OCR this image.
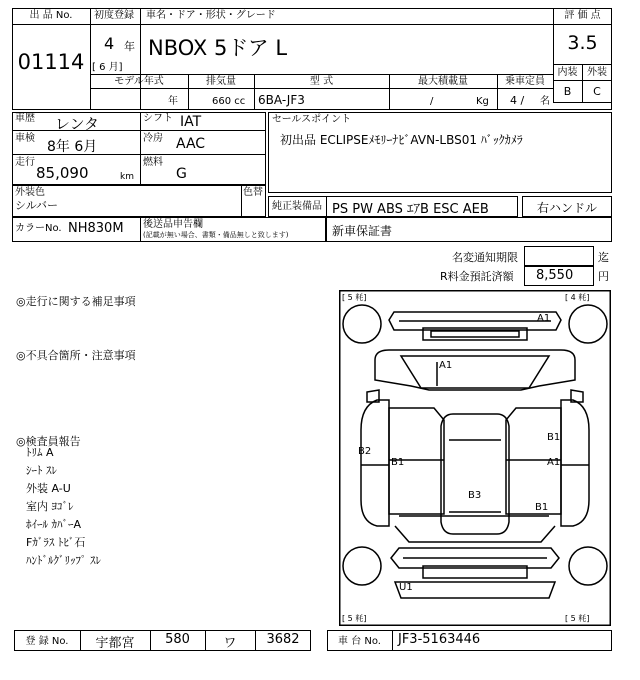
出 品 No.
01114
初度登録
4 年
[ 6 月]
車名・ドア・形状・グレード
NBOX 5ドア L
評 価 点
3.5
内装 外装
B	C
モデル年式
年
排気量
660 cc
型 式
6BA-JF3
最大積載量
/	Kg
乗車定員
4 / 名
車歴 レンタ	シフト IAT
車検
8年 6月
冷房 AAC
走行
85,090	km
燃料
G
セールスポイント
初出品 ECLIPSEﾒﾓﾘｰﾅﾋﾞAVN-LBS01 ﾊﾞｯｸｶﾒﾗ
外装色
シルバー
色替
カラーNo. NH830M 後送品申告欄
(記載が無い場合、書類・備品無しと致します)
純正装備品 PS PW ABS ｴｱB ESC AEB	右ハンドル
新車保証書
名変通知期限	迄
R料金預託済額 8,550 円
◎走行に関する補足事項
◎不具合箇所・注意事項
◎検査員報告
ﾄﾘﾑ A
ｼｰﾄ ｽﾚ
外装 A-U
室内 ﾖｺﾞﾚ
ﾎｲｰﾙ ｶﾊﾞｰA
Fｶﾞﾗｽ ﾄﾋﾞ石
ﾊﾝﾄﾞﾙｸﾞﾘｯﾌﾟ ｽﾚ
[ 5 粍]	[ 4 粍]
[ 5 粍]	[ 5 粍]
A1
A1
B2
B1
B1
A1
B3
B1
U1
登 録 No.	宇都宮	580	ワ	3682	車 台 No.	JF3-5163446
